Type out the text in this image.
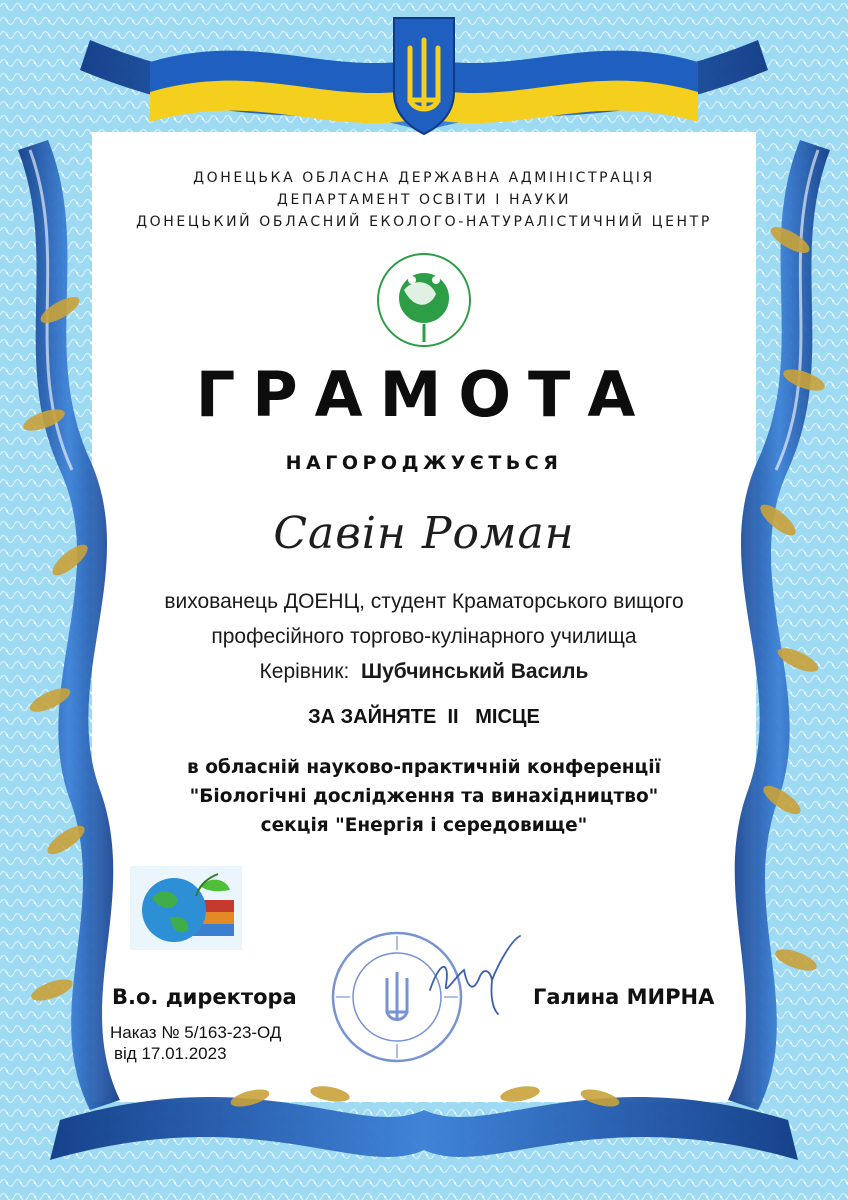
ДОНЕЦЬКА ОБЛАСНА ДЕРЖАВНА АДМІНІСТРАЦІЯ
ДЕПАРТАМЕНТ ОСВІТИ І НАУКИ
ДОНЕЦЬКИЙ ОБЛАСНИЙ ЕКОЛОГО-НАТУРАЛІСТИЧНИЙ ЦЕНТР
ГРАМОТА
НАГОРОДЖУЄТЬСЯ
Савін Роман
вихованець ДОЕНЦ, студент Краматорського вищого
професійного торгово-кулінарного училища
Керівник: Шубчинський Василь
ЗА ЗАЙНЯТЕ  ІІ   МІСЦЕ
в обласній науково-практичній конференції
"Біологічні дослідження та винахідництво"
секція "Енергія і середовище"
В.о. директора	Галина МИРНА
Наказ № 5/163-23-ОД
від 17.01.2023
